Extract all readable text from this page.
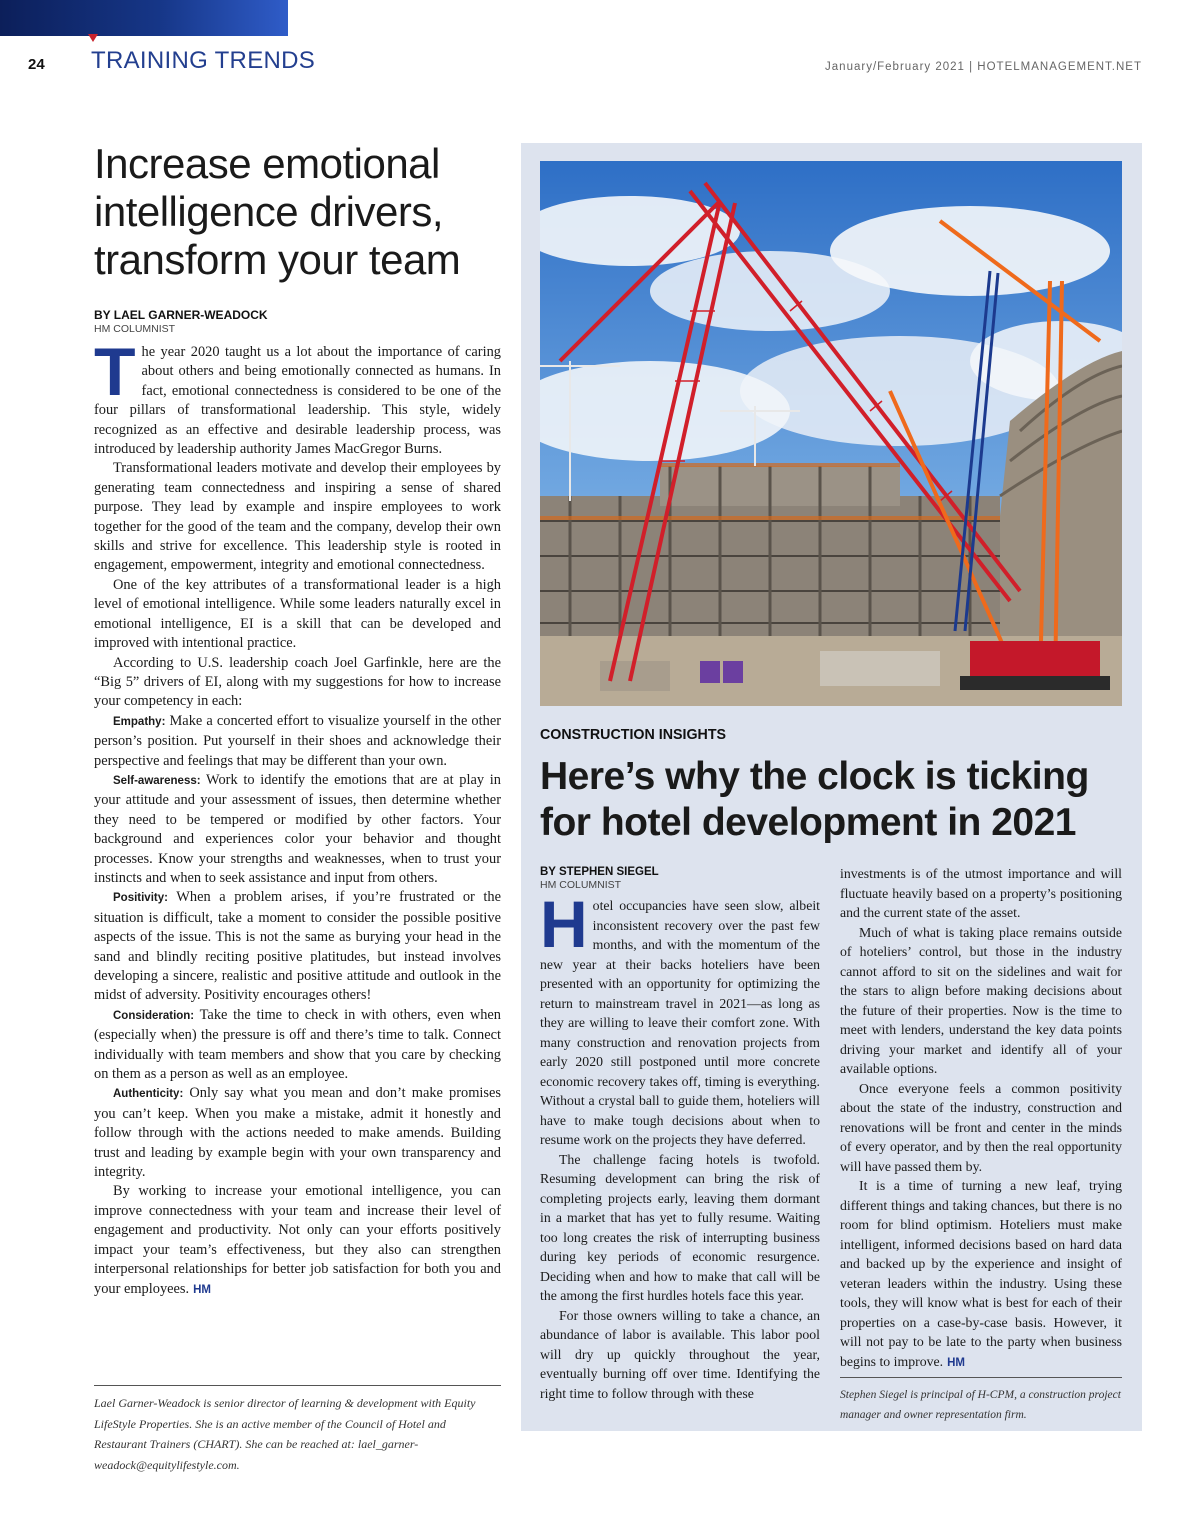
24 TRAINING TRENDS	January/February 2021 | HOTELMANAGEMENT.NET
Increase emotional intelligence drivers, transform your team
BY LAEL GARNER-WEADOCK
HM COLUMNIST

The year 2020 taught us a lot about the importance of caring about others and being emotionally connected as humans. In fact, emotional connectedness is considered to be one of the four pillars of transformational leadership. This style, widely recognized as an effective and desirable leadership process, was introduced by leadership authority James MacGregor Burns.

Transformational leaders motivate and develop their employees by generating team connectedness and inspiring a sense of shared purpose. They lead by example and inspire employees to work together for the good of the team and the company, develop their own skills and strive for excellence. This leadership style is rooted in engagement, empowerment, integrity and emotional connectedness.

One of the key attributes of a transformational leader is a high level of emotional intelligence. While some leaders naturally excel in emotional intelligence, EI is a skill that can be developed and improved with intentional practice.

According to U.S. leadership coach Joel Garfinkle, here are the “Big 5” drivers of EI, along with my suggestions for how to increase your competency in each:

Empathy: Make a concerted effort to visualize yourself in the other person’s position. Put yourself in their shoes and acknowledge their perspective and feelings that may be different than your own.

Self-awareness: Work to identify the emotions that are at play in your attitude and your assessment of issues, then determine whether they need to be tempered or modified by other factors. Your background and experiences color your behavior and thought processes. Know your strengths and weaknesses, when to trust your instincts and when to seek assistance and input from others.

Positivity: When a problem arises, if you’re frustrated or the situation is difficult, take a moment to consider the possible positive aspects of the issue. This is not the same as burying your head in the sand and blindly reciting positive platitudes, but instead involves developing a sincere, realistic and positive attitude and outlook in the midst of adversity. Positivity encourages others!

Consideration: Take the time to check in with others, even when (especially when) the pressure is off and there’s time to talk. Connect individually with team members and show that you care by checking on them as a person as well as an employee.

Authenticity: Only say what you mean and don’t make promises you can’t keep. When you make a mistake, admit it honestly and follow through with the actions needed to make amends. Building trust and leading by example begin with your own transparency and integrity.

By working to increase your emotional intelligence, you can improve connectedness with your team and increase their level of engagement and productivity. Not only can your efforts positively impact your team’s effectiveness, but they also can strengthen interpersonal relationships for better job satisfaction for both you and your employees. HM

Lael Garner-Weadock is senior director of learning & development with Equity LifeStyle Properties. She is an active member of the Council of Hotel and Restaurant Trainers (CHART). She can be reached at: lael_garner-weadock@equitylifestyle.com.
CONSTRUCTION INSIGHTS
Here’s why the clock is ticking for hotel development in 2021
BY STEPHEN SIEGEL
HM COLUMNIST

Hotel occupancies have seen slow, albeit inconsistent recovery over the past few months, and with the momentum of the new year at their backs hoteliers have been presented with an opportunity for optimizing the return to mainstream travel in 2021—as long as they are willing to leave their comfort zone. With many construction and renovation projects from early 2020 still postponed until more concrete economic recovery takes off, timing is everything. Without a crystal ball to guide them, hoteliers will have to make tough decisions about when to resume work on the projects they have deferred.

The challenge facing hotels is twofold. Resuming development can bring the risk of completing projects early, leaving them dormant in a market that has yet to fully resume. Waiting too long creates the risk of interrupting business during key periods of economic resurgence. Deciding when and how to make that call will be the among the first hurdles hotels face this year.

For those owners willing to take a chance, an abundance of labor is available. This labor pool will dry up quickly throughout the year, eventually burning off over time. Identifying the right time to follow through with these

investments is of the utmost importance and will fluctuate heavily based on a property’s positioning and the current state of the asset.

Much of what is taking place remains outside of hoteliers’ control, but those in the industry cannot afford to sit on the sidelines and wait for the stars to align before making decisions about the future of their properties. Now is the time to meet with lenders, understand the key data points driving your market and identify all of your available options.

Once everyone feels a common positivity about the state of the industry, construction and renovations will be front and center in the minds of every operator, and by then the real opportunity will have passed them by.

It is a time of turning a new leaf, trying different things and taking chances, but there is no room for blind optimism. Hoteliers must make intelligent, informed decisions based on hard data and backed up by the experience and insight of veteran leaders within the industry. Using these tools, they will know what is best for each of their properties on a case-by-case basis. However, it will not pay to be late to the party when business begins to improve. HM

Stephen Siegel is principal of H-CPM, a construction project manager and owner representation firm.
